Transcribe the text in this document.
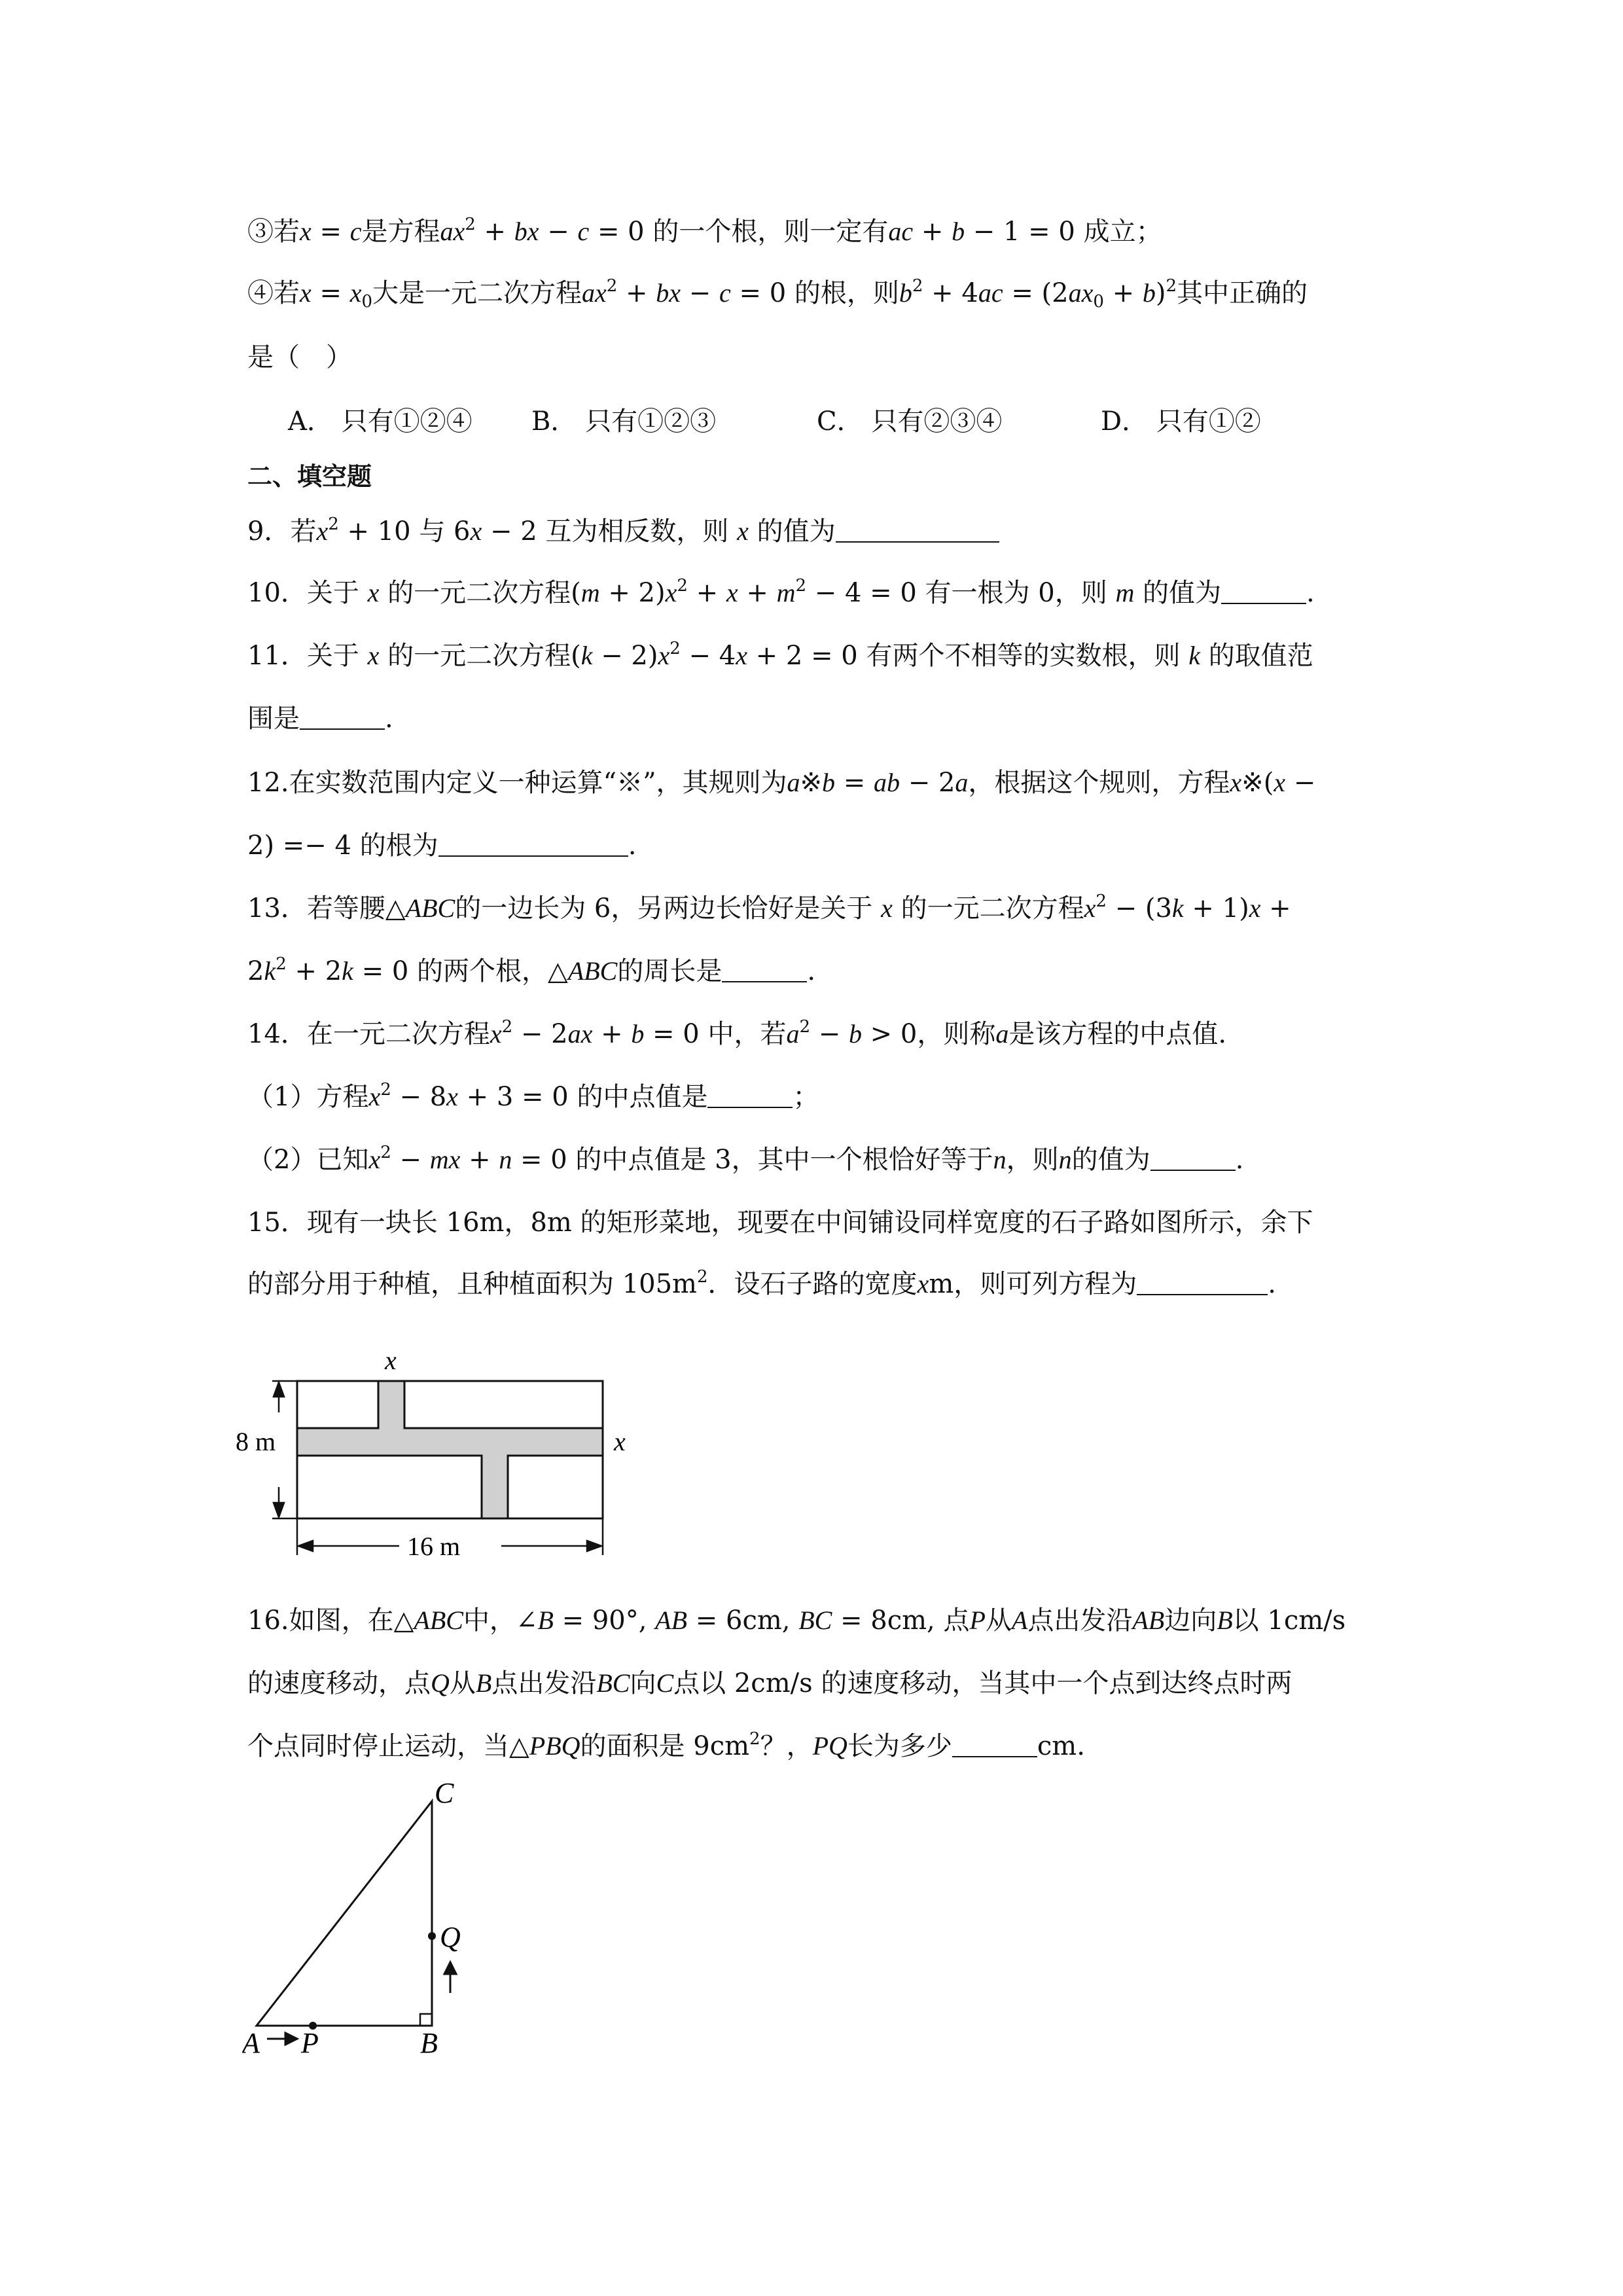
③若x = c是方程$ax^2$ + bx − c = 0 的一个根，则一定有ac + b − 1 = 0 成立；
④若$x = x_0$大是一元二次方程$ax^2$ + bx − c = 0 的根，则$b^2 + 4ac = (2ax_0 + b)^2$其中正确的
是（　）
A． 只有①②④ B． 只有①②③	C． 只有②③④	D． 只有①②
二、填空题
9．若$x^2 + 10$ 与 6x − 2 互为相反数，则 x 的值为
10．关于 x 的一元二次方程$(m + 2)x^2 + x + m^2 - 4 = 0$ 有一根为 0，则 m 的值为	.
11．关于 x 的一元二次方程$(k - 2)x^2 - 4x + 2 = 0$ 有两个不相等的实数根，则 k 的取值范
围是	.
12.在实数范围内定义一种运算“※”，其规则为a※b = ab − 2a，根据这个规则，方程x※(x −
2) =− 4 的根为	.
13．若等腰△ABC的一边长为 6，另两边长恰好是关于 x 的一元二次方程$x^2 - (3k + 1)x$ +
$2k^2 + 2k = 0$ 的两个根，△ABC的周长是	.
14．在一元二次方程$x^2 - 2ax + b = 0$ 中，若$a^2 - b > 0$，则称a是该方程的中点值.
（1）方程$x^2 - 8x + 3 = 0$ 的中点值是	；
（2）已知$x^2$ − mx + n = 0 的中点值是 3，其中一个根恰好等于n，则n的值为	.
15．现有一块长 16m，8m 的矩形菜地，现要在中间铺设同样宽度的石子路如图所示，余下
的部分用于种植，且种植面积为 $105m^2$．设石子路的宽度xm，则可列方程为	.
x
x
8 m
16 m
16.如图，在△ABC中，∠B = 90°, AB = 6cm, BC = 8cm, 点P从A点出发沿AB边向B以 1cm/s
的速度移动，点Q从B点出发沿BC向C点以 2cm/s 的速度移动，当其中一个点到达终点时两
个点同时停止运动，当△PBQ的面积是 $9cm^2$？，PQ长为多少	cm.
A P	B
C
Q
